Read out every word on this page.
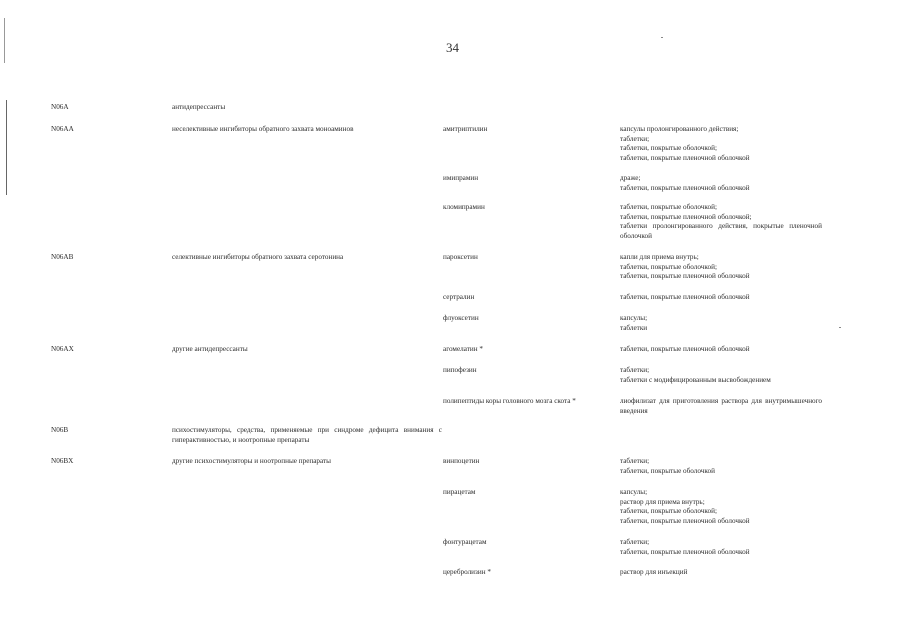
34
N06A	антидепрессанты
N06AA	неселективные ингибиторы обратного захвата моноаминов	амитриптилин	капсулы пролонгированного действия;
таблетки;
таблетки, покрытые оболочкой;
таблетки, покрытые пленочной оболочкой
имипрамин	драже;
таблетки, покрытые пленочной оболочкой
кломипрамин	таблетки, покрытые оболочкой;
таблетки, покрытые пленочной оболочкой;
таблетки пролонгированного действия, покрытые пленочной оболочкой
N06AB	селективные ингибиторы обратного захвата серотонина	пароксетин	капли для приема внутрь;
таблетки, покрытые оболочкой;
таблетки, покрытые пленочной оболочкой
сертралин	таблетки, покрытые пленочной оболочкой
флуоксетин	капсулы;
таблетки
N06AX	другие антидепрессанты	агомелатин *	таблетки, покрытые пленочной оболочкой
пипофезин	таблетки;
таблетки с модифицированным высвобождением
полипептиды коры головного мозга скота *	лиофилизат для приготовления раствора для внутримышечного введения
N06B	психостимуляторы, средства, применяемые при синдроме дефицита внимания с гиперактивностью, и ноотропные препараты
N06BX	другие психостимуляторы и ноотропные препараты	винпоцетин	таблетки;
таблетки, покрытые оболочкой
пирацетам	капсулы;
раствор для приема внутрь;
таблетки, покрытые оболочкой;
таблетки, покрытые пленочной оболочкой
фонтурацетам	таблетки;
таблетки, покрытые пленочной оболочкой
церебролизин *	раствор для инъекций
